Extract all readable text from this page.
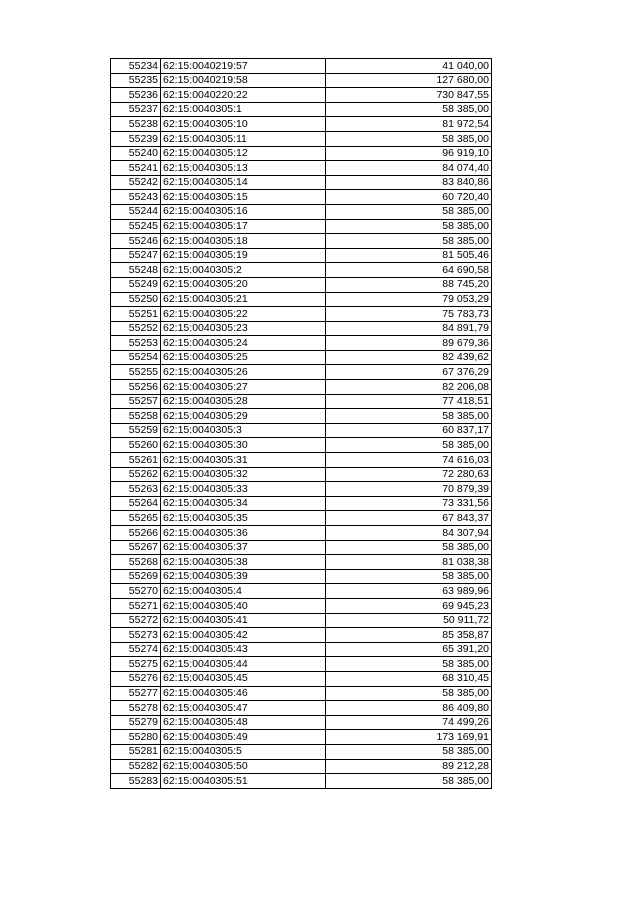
55234	62:15:0040219:57	41 040,00
55235	62:15:0040219:58	127 680,00
55236	62:15:0040220:22	730 847,55
55237	62:15:0040305:1	58 385,00
55238	62:15:0040305:10	81 972,54
55239	62:15:0040305:11	58 385,00
55240	62:15:0040305:12	96 919,10
55241	62:15:0040305:13	84 074,40
55242	62:15:0040305:14	83 840,86
55243	62:15:0040305:15	60 720,40
55244	62:15:0040305:16	58 385,00
55245	62:15:0040305:17	58 385,00
55246	62:15:0040305:18	58 385,00
55247	62:15:0040305:19	81 505,46
55248	62:15:0040305:2	64 690,58
55249	62:15:0040305:20	88 745,20
55250	62:15:0040305:21	79 053,29
55251	62:15:0040305:22	75 783,73
55252	62:15:0040305:23	84 891,79
55253	62:15:0040305:24	89 679,36
55254	62:15:0040305:25	82 439,62
55255	62:15:0040305:26	67 376,29
55256	62:15:0040305:27	82 206,08
55257	62:15:0040305:28	77 418,51
55258	62:15:0040305:29	58 385,00
55259	62:15:0040305:3	60 837,17
55260	62:15:0040305:30	58 385,00
55261	62:15:0040305:31	74 616,03
55262	62:15:0040305:32	72 280,63
55263	62:15:0040305:33	70 879,39
55264	62:15:0040305:34	73 331,56
55265	62:15:0040305:35	67 843,37
55266	62:15:0040305:36	84 307,94
55267	62:15:0040305:37	58 385,00
55268	62:15:0040305:38	81 038,38
55269	62:15:0040305:39	58 385,00
55270	62:15:0040305:4	63 989,96
55271	62:15:0040305:40	69 945,23
55272	62:15:0040305:41	50 911,72
55273	62:15:0040305:42	85 358,87
55274	62:15:0040305:43	65 391,20
55275	62:15:0040305:44	58 385,00
55276	62:15:0040305:45	68 310,45
55277	62:15:0040305:46	58 385,00
55278	62:15:0040305:47	86 409,80
55279	62:15:0040305:48	74 499,26
55280	62:15:0040305:49	173 169,91
55281	62:15:0040305:5	58 385,00
55282	62:15:0040305:50	89 212,28
55283	62:15:0040305:51	58 385,00
